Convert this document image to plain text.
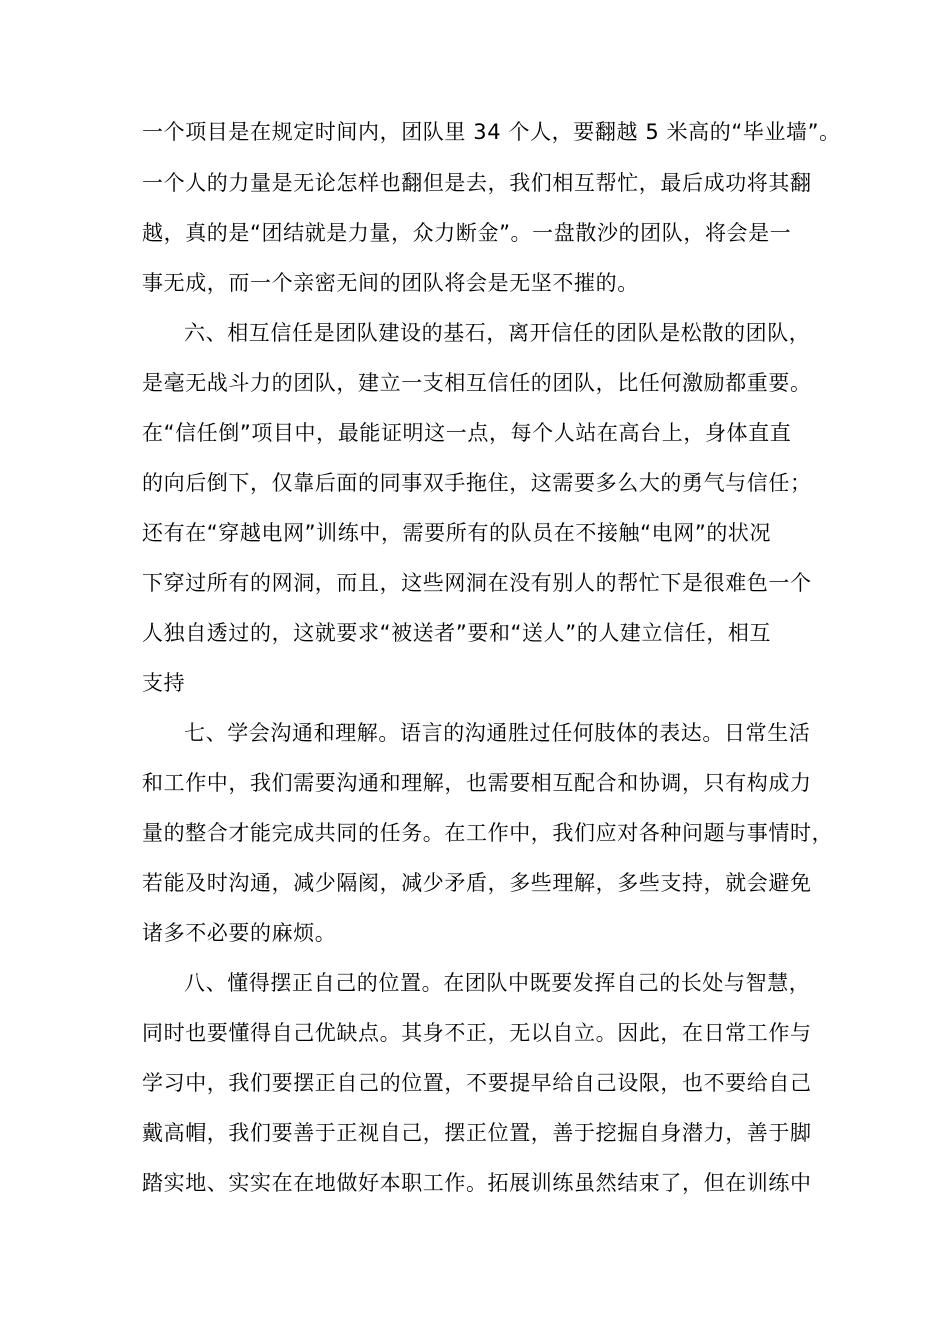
一个项目是在规定时间内，团队里 34 个人，要翻越 5 米高的“毕业墙”。
一个人的力量是无论怎样也翻但是去，我们相互帮忙，最后成功将其翻
越，真的是“团结就是力量，众力断金”。一盘散沙的团队，将会是一
事无成，而一个亲密无间的团队将会是无坚不摧的。
六、相互信任是团队建设的基石，离开信任的团队是松散的团队，
是毫无战斗力的团队，建立一支相互信任的团队，比任何激励都重要。
在“信任倒”项目中，最能证明这一点，每个人站在高台上，身体直直
的向后倒下，仅靠后面的同事双手拖住，这需要多么大的勇气与信任；
还有在“穿越电网”训练中，需要所有的队员在不接触“电网”的状况
下穿过所有的网洞，而且，这些网洞在没有别人的帮忙下是很难色一个
人独自透过的，这就要求“被送者”要和“送人”的人建立信任，相互
支持
七、学会沟通和理解。语言的沟通胜过任何肢体的表达。日常生活
和工作中，我们需要沟通和理解，也需要相互配合和协调，只有构成力
量的整合才能完成共同的任务。在工作中，我们应对各种问题与事情时，
若能及时沟通，减少隔阂，减少矛盾，多些理解，多些支持，就会避免
诸多不必要的麻烦。
八、懂得摆正自己的位置。在团队中既要发挥自己的长处与智慧，
同时也要懂得自己优缺点。其身不正，无以自立。因此，在日常工作与
学习中，我们要摆正自己的位置，不要提早给自己设限，也不要给自己
戴高帽，我们要善于正视自己，摆正位置，善于挖掘自身潜力，善于脚
踏实地、实实在在地做好本职工作。拓展训练虽然结束了，但在训练中
